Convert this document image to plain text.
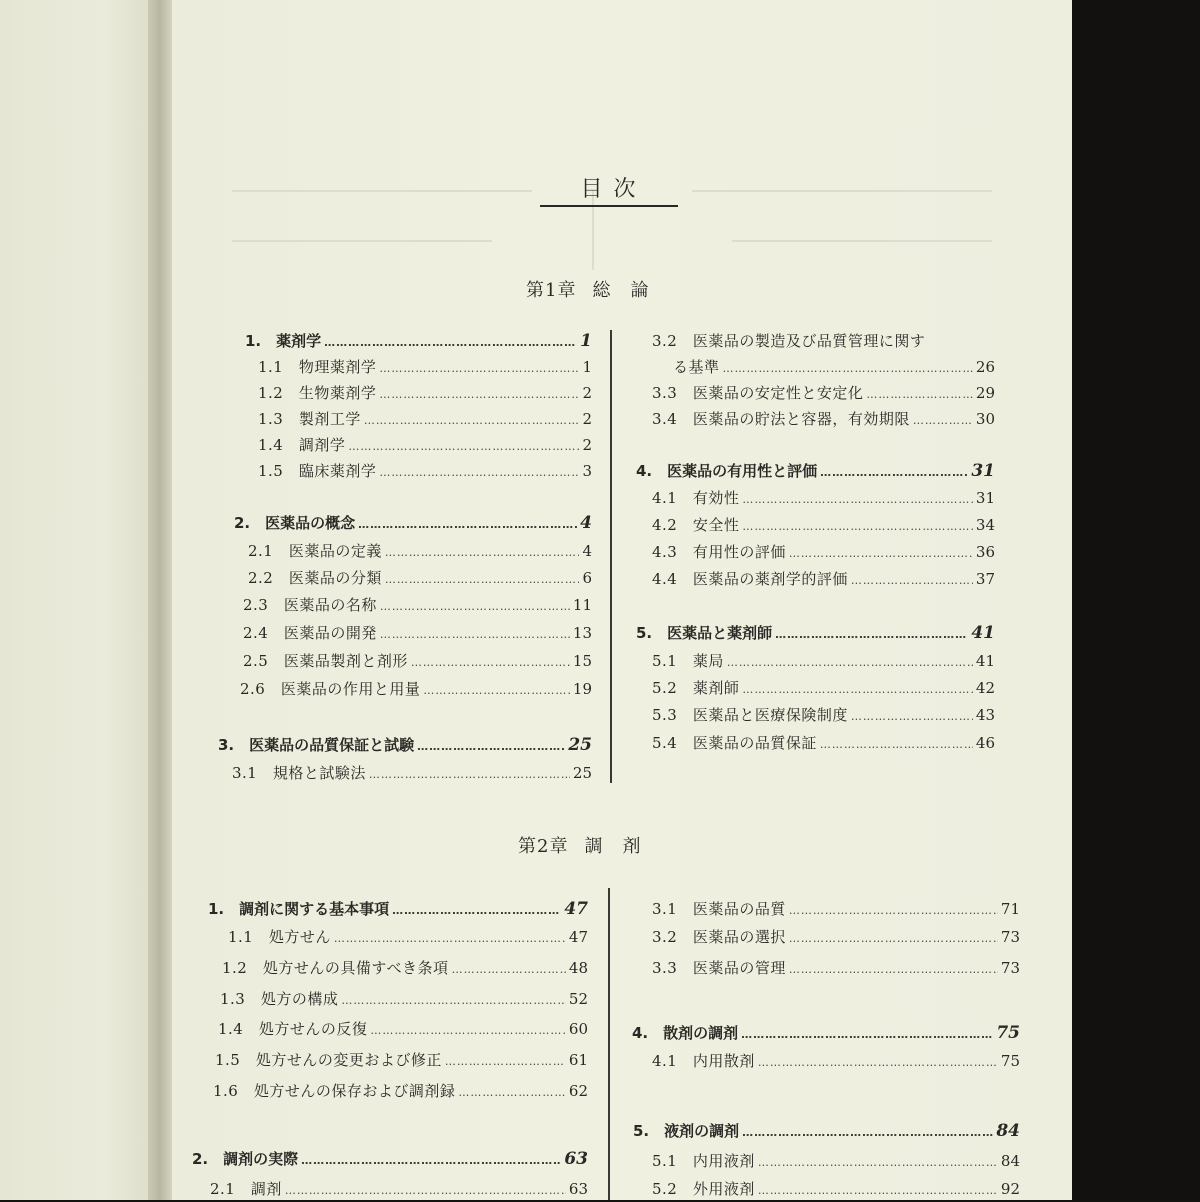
目 次
第1章 総　論
1.　薬剤学 ……………………………………………………………………………………………………………………………………………	1
1.1　物理薬剤学 ……………………………………………………………………………………………………………………………………………	1
1.2　生物薬剤学 ……………………………………………………………………………………………………………………………………………	2
1.3　製剤工学 ……………………………………………………………………………………………………………………………………………	2
1.4　調剤学 ……………………………………………………………………………………………………………………………………………	2
1.5　臨床薬剤学 ……………………………………………………………………………………………………………………………………………	3
2.　医薬品の概念 ……………………………………………………………………………………………………………………………………………	4
2.1　医薬品の定義 ……………………………………………………………………………………………………………………………………………	4
2.2　医薬品の分類 ……………………………………………………………………………………………………………………………………………	6
2.3　医薬品の名称 ……………………………………………………………………………………………………………………………………………	11
2.4　医薬品の開発 ……………………………………………………………………………………………………………………………………………	13
2.5　医薬品製剤と剤形 ……………………………………………………………………………………………………………………………………………	15
2.6　医薬品の作用と用量 ……………………………………………………………………………………………………………………………………………	19
3.　医薬品の品質保証と試験 ……………………………………………………………………………………………………………………………………………	25
3.1　規格と試験法 ……………………………………………………………………………………………………………………………………………	25
3.2　医薬品の製造及び品質管理に関す
る基準 ……………………………………………………………………………………………………………………………………………	26
3.3　医薬品の安定性と安定化 ……………………………………………………………………………………………………………………………………………	29
3.4　医薬品の貯法と容器，有効期限 ……………………………………………………………………………………………………………………………………………	30
4.　医薬品の有用性と評価 ……………………………………………………………………………………………………………………………………………	31
4.1　有効性 ……………………………………………………………………………………………………………………………………………	31
4.2　安全性 ……………………………………………………………………………………………………………………………………………	34
4.3　有用性の評価 ……………………………………………………………………………………………………………………………………………	36
4.4　医薬品の薬剤学的評価 ……………………………………………………………………………………………………………………………………………	37
5.　医薬品と薬剤師 ……………………………………………………………………………………………………………………………………………	41
5.1　薬局 ……………………………………………………………………………………………………………………………………………	41
5.2　薬剤師 ……………………………………………………………………………………………………………………………………………	42
5.3　医薬品と医療保険制度 ……………………………………………………………………………………………………………………………………………	43
5.4　医薬品の品質保証 ……………………………………………………………………………………………………………………………………………	46
第2章 調　剤
1.　調剤に関する基本事項 ……………………………………………………………………………………………………………………………………………	47
1.1　処方せん ……………………………………………………………………………………………………………………………………………	47
1.2　処方せんの具備すべき条項 ……………………………………………………………………………………………………………………………………………	48
1.3　処方の構成 ……………………………………………………………………………………………………………………………………………	52
1.4　処方せんの反復 ……………………………………………………………………………………………………………………………………………	60
1.5　処方せんの変更および修正 ……………………………………………………………………………………………………………………………………………	61
1.6　処方せんの保存および調剤録 ……………………………………………………………………………………………………………………………………………	62
2.　調剤の実際 ……………………………………………………………………………………………………………………………………………	63
2.1　調剤 ……………………………………………………………………………………………………………………………………………	63
3.1　医薬品の品質 ……………………………………………………………………………………………………………………………………………	71
3.2　医薬品の選択 ……………………………………………………………………………………………………………………………………………	73
3.3　医薬品の管理 ……………………………………………………………………………………………………………………………………………	73
4.　散剤の調剤 ……………………………………………………………………………………………………………………………………………	75
4.1　内用散剤 ……………………………………………………………………………………………………………………………………………	75
5.　液剤の調剤 ……………………………………………………………………………………………………………………………………………	84
5.1　内用液剤 ……………………………………………………………………………………………………………………………………………	84
5.2　外用液剤 ……………………………………………………………………………………………………………………………………………	92
